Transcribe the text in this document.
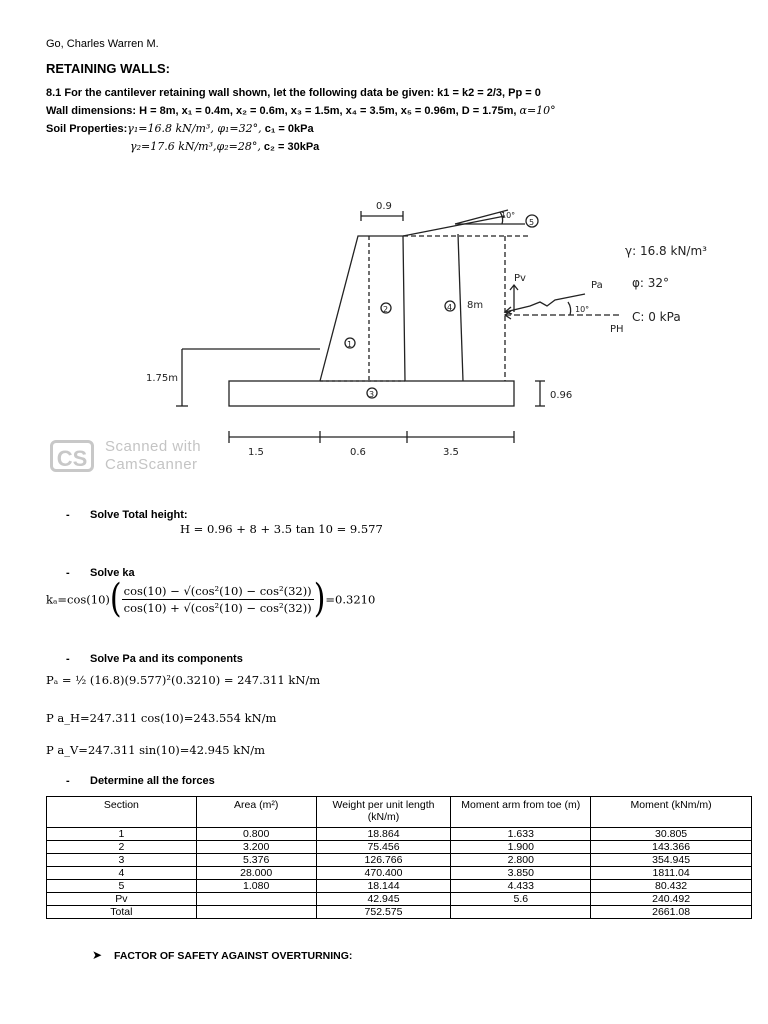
Go, Charles Warren M.
RETAINING WALLS:
8.1 For the cantilever retaining wall shown, let the following data be given: k1 = k2 = 2/3, Pp = 0
Wall dimensions: H = 8m, x₁ = 0.4m, x₂ = 0.6m, x₃ = 1.5m, x₄ = 3.5m, x₅ = 0.96m, D = 1.75m, α=10°
Soil Properties:γ₁=16.8 kN/m³, φ₁=32°, c₁ = 0kPa
γ₂=17.6 kN/m³,φ₂=28°, c₂ = 30kPa
0.9
10°
5
4
2
1
3
8m
Pv
Pa
10°
PH
1.75m
0.96
1.5	0.6	3.5
γ: 16.8 kN/m³
φ: 32°
C: 0 kPa
CS	Scanned with
CamScanner
- Solve Total height:
H = 0.96 + 8 + 3.5 tan 10 = 9.577
- Solve ka
$k_a=\cos(10)( \frac{\text{cos(10) − √(cos²(10) − cos²(32))}}{\text{cos(10) + √(cos²(10) − cos²(32))}} )=0.3210$
- Solve Pa and its components
Pₐ = ½ (16.8)(9.577)²(0.3210) = 247.311 kN/m
P a_H=247.311 cos(10)=243.554 kN/m
P a_V=247.311 sin(10)=42.945 kN/m
- Determine all the forces
Section	Area (m²)	Weight per unit length (kN/m)	Moment arm from toe (m)	Moment (kNm/m)
1	0.800	18.864	1.633	30.805
2	3.200	75.456	1.900	143.366
3	5.376	126.766	2.800	354.945
4	28.000	470.400	3.850	1811.04
5	1.080	18.144	4.433	80.432
Pv		42.945	5.6	240.492
Total		752.575		2661.08
➤ FACTOR OF SAFETY AGAINST OVERTURNING:
